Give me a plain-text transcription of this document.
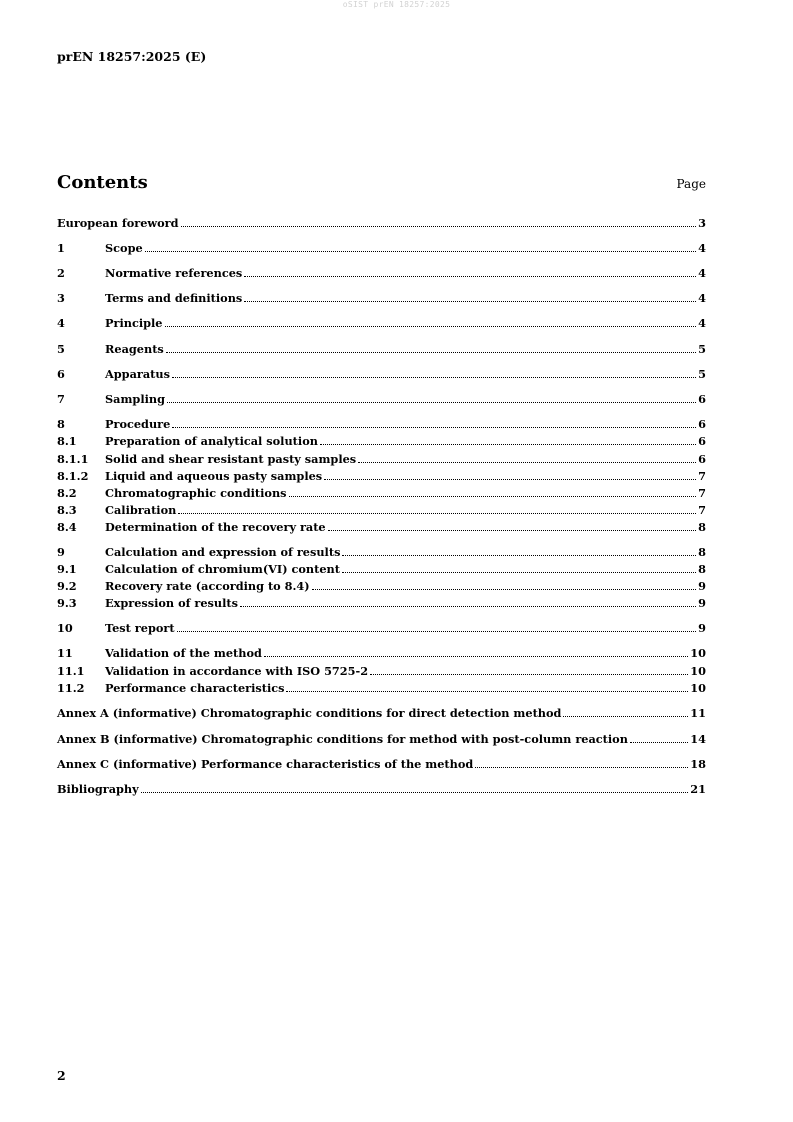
oSIST prEN 18257:2025
prEN 18257:2025 (E)
Contents	Page
European foreword	3
1	Scope	4
2	Normative references	4
3	Terms and definitions	4
4	Principle	4
5	Reagents	5
6	Apparatus	5
7	Sampling	6
8	Procedure	6
8.1	Preparation of analytical solution	6
8.1.1	Solid and shear resistant pasty samples	6
8.1.2	Liquid and aqueous pasty samples	7
8.2	Chromatographic conditions	7
8.3	Calibration	7
8.4	Determination of the recovery rate	8
9	Calculation and expression of results	8
9.1	Calculation of chromium(VI) content	8
9.2	Recovery rate (according to 8.4)	9
9.3	Expression of results	9
10	Test report	9
11	Validation of the method	10
11.1	Validation in accordance with ISO 5725-2	10
11.2	Performance characteristics	10
Annex A (informative) Chromatographic conditions for direct detection method	11
Annex B (informative) Chromatographic conditions for method with post-column reaction	14
Annex C (informative) Performance characteristics of the method	18
Bibliography	21
2
